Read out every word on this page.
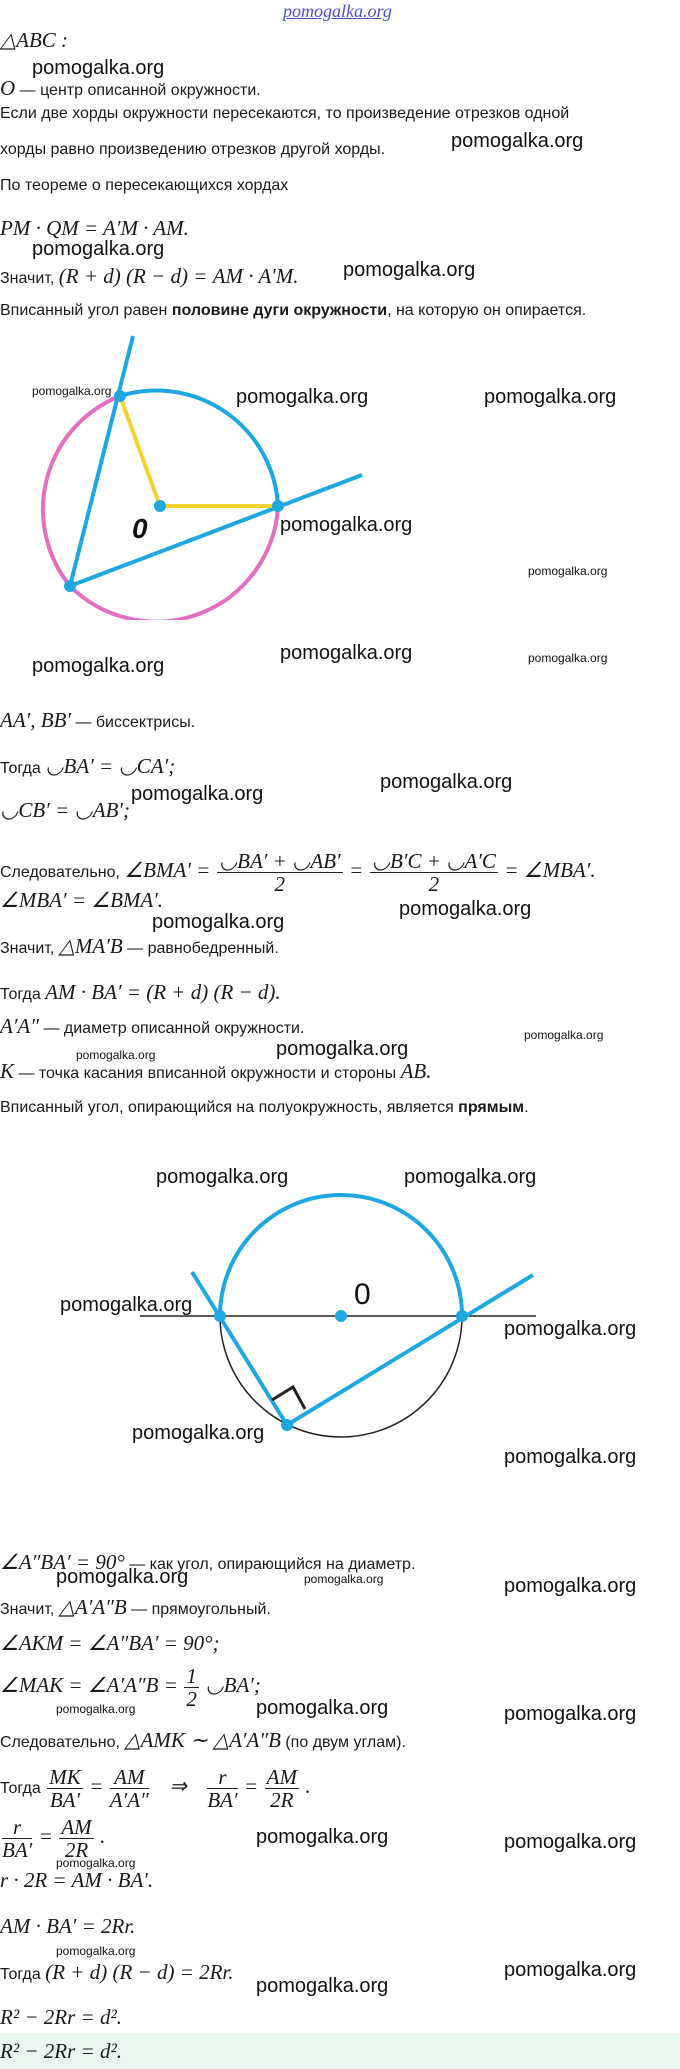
pomogalka.org
△ABC :
O — центр описанной окружности.
Если две хорды окружности пересекаются, то произведение отрезков одной
хорды равно произведению отрезков другой хорды.
По теореме о пересекающихся хордах
PM · QM = A′M · AM.
Значит, (R + d) (R − d) = AM · A′M.
Вписанный угол равен половине дуги окружности, на которую он опирается.
0
AA′, BB′ — биссектрисы.
Тогда ◡BA′ = ◡CA′;
◡CB′ = ◡AB′;
Следовательно, ∠BMA′ = $\frac{◡BA' + ◡AB'}{2} = \frac{◡B'C + ◡A'C}{2}$ = ∠MBA′.
∠MBA′ = ∠BMA′.
Значит, △MA′B — равнобедренный.
Тогда AM · BA′ = (R + d) (R − d).
A′A″ — диаметр описанной окружности.
K — точка касания вписанной окружности и стороны AB.
Вписанный угол, опирающийся на полуокружность, является прямым.
0
∠A″BA′ = 90° — как угол, опирающийся на диаметр.
Значит, △A′A″B — прямоугольный.
∠AKM = ∠A″BA′ = 90°;
∠MAK = ∠A′A″B = $\frac{1}{2}$ ◡BA′;
Следовательно, △AMK ∼ △A′A″B (по двум углам).
Тогда $\frac{MK}{BA'} = \frac{AM}{A'A''}$ ⇒ $\frac{r}{BA'} = \frac{AM}{2R}$ .
$\frac{r}{BA'} = \frac{AM}{2R}$ .
r · 2R = AM · BA′.
AM · BA′ = 2Rr.
Тогда (R + d) (R − d) = 2Rr.
R² − 2Rr = d².
R² − 2Rr = d².
pomogalka.org
pomogalka.org
pomogalka.org
pomogalka.org
pomogalka.org	pomogalka.org	pomogalka.org
pomogalka.org
pomogalka.org
pomogalka.org
pomogalka.org	pomogalka.org
pomogalka.org
pomogalka.org
pomogalka.org
pomogalka.org
pomogalka.org
pomogalka.org	pomogalka.org
pomogalka.org	pomogalka.org
pomogalka.org
pomogalka.org
pomogalka.org
pomogalka.org
pomogalka.org	pomogalka.org	pomogalka.org
pomogalka.org
pomogalka.org	pomogalka.org
pomogalka.org
pomogalka.org
pomogalka.org
pomogalka.org
pomogalka.org
pomogalka.org
